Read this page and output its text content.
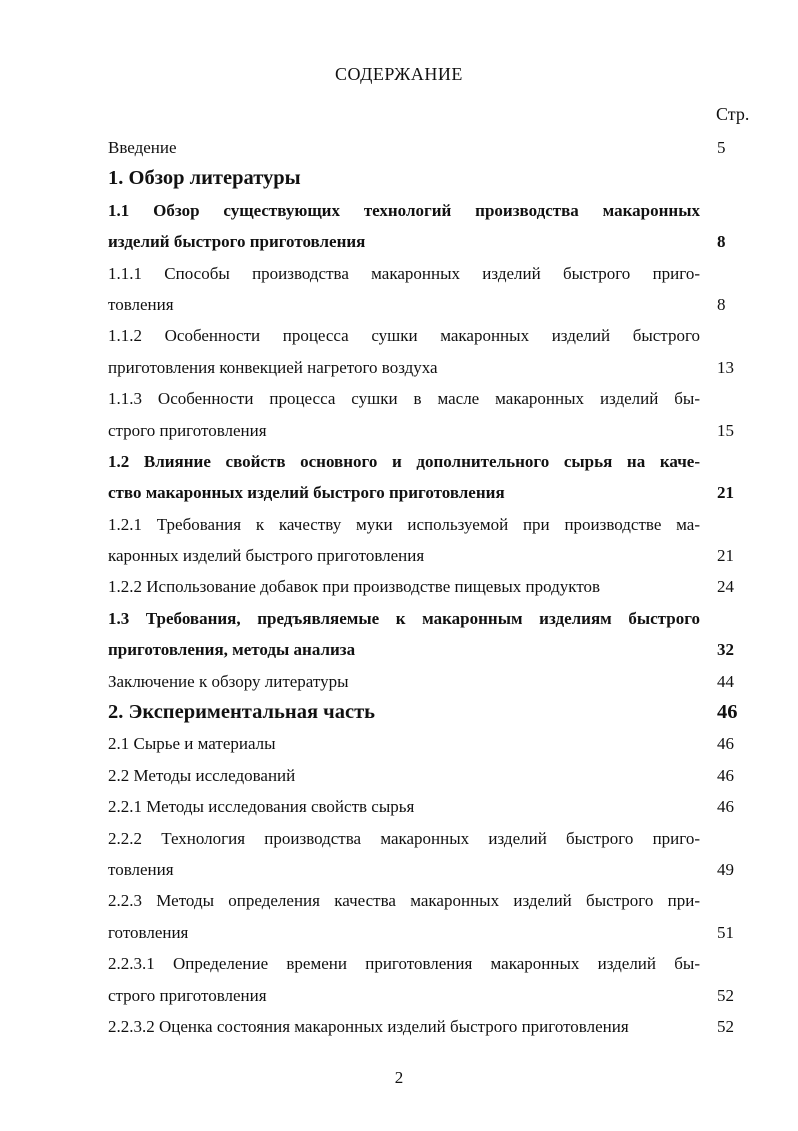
СОДЕРЖАНИЕ
Стр.
Введение	5
1. Обзор литературы
1.1 Обзор существующих технологий производства макаронных
изделий быстрого приготовления	8
1.1.1 Способы производства макаронных изделий быстрого приго-
товления	8
1.1.2 Особенности процесса сушки макаронных изделий быстрого
приготовления конвекцией нагретого воздуха	13
1.1.3 Особенности процесса сушки в масле макаронных изделий бы-
строго приготовления	15
1.2 Влияние свойств основного и дополнительного сырья на каче-
ство макаронных изделий быстрого приготовления	21
1.2.1 Требования к качеству муки используемой при производстве ма-
каронных изделий быстрого приготовления	21
1.2.2 Использование добавок при производстве пищевых продуктов	24
1.3 Требования, предъявляемые к макаронным изделиям быстрого
приготовления, методы анализа	32
Заключение к обзору литературы	44
2. Экспериментальная часть	46
2.1 Сырье и материалы	46
2.2 Методы исследований	46
2.2.1 Методы исследования свойств сырья	46
2.2.2 Технология производства макаронных изделий быстрого приго-
товления	49
2.2.3 Методы определения качества макаронных изделий быстрого при-
готовления	51
2.2.3.1 Определение времени приготовления макаронных изделий бы-
строго приготовления	52
2.2.3.2 Оценка состояния макаронных изделий быстрого приготовления	52
2
